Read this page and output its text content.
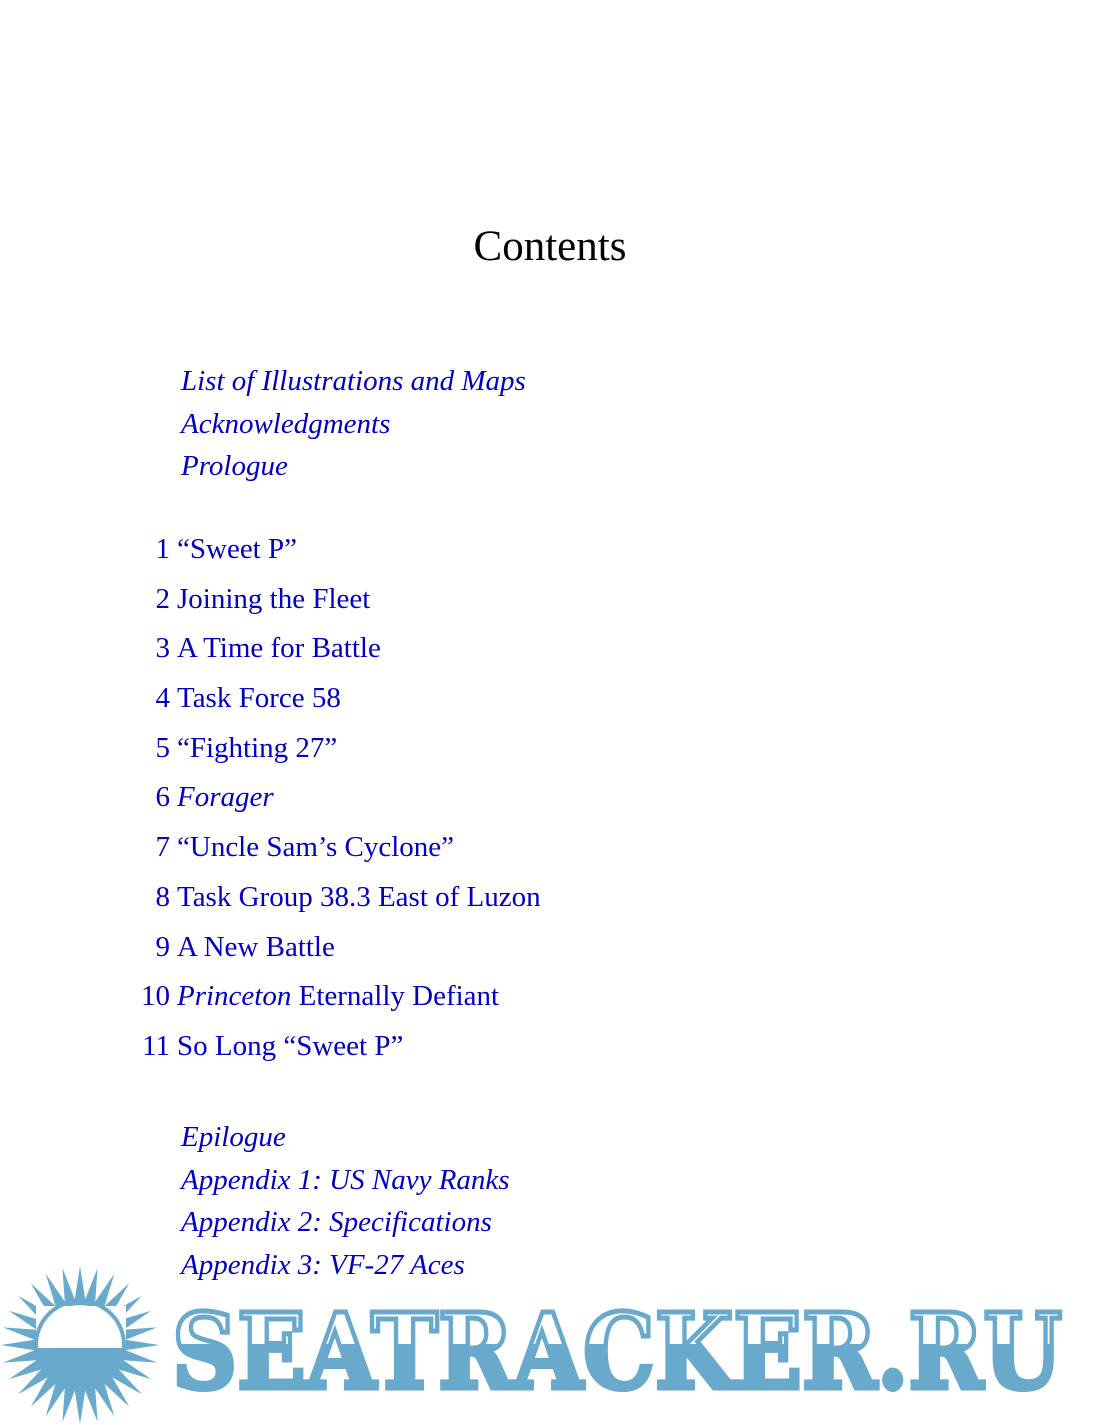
Contents
List of Illustrations and Maps
Acknowledgments
Prologue
1 “Sweet P”
2 Joining the Fleet
3 A Time for Battle
4 Task Force 58
5 “Fighting 27”
6 Forager
7 “Uncle Sam’s Cyclone”
8 Task Group 38.3 East of Luzon
9 A New Battle
10 Princeton Eternally Defiant
11 So Long “Sweet P”
Epilogue
Appendix 1: US Navy Ranks
Appendix 2: Specifications
Appendix 3: VF-27 Aces
SEATRACKER.RU
